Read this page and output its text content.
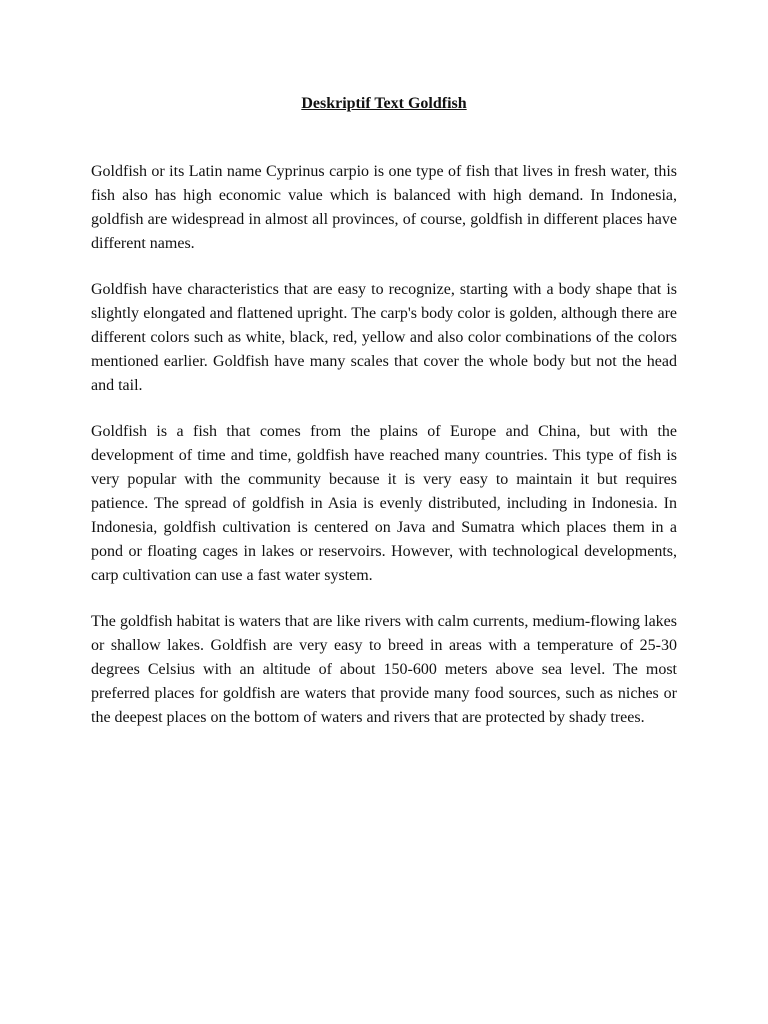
Deskriptif Text Goldfish

Goldfish or its Latin name Cyprinus carpio is one type of fish that lives in fresh water, this fish also has high economic value which is balanced with high demand. In Indonesia, goldfish are widespread in almost all provinces, of course, goldfish in different places have different names.

Goldfish have characteristics that are easy to recognize, starting with a body shape that is slightly elongated and flattened upright. The carp's body color is golden, although there are different colors such as white, black, red, yellow and also color combinations of the colors mentioned earlier. Goldfish have many scales that cover the whole body but not the head and tail.

Goldfish is a fish that comes from the plains of Europe and China, but with the development of time and time, goldfish have reached many countries. This type of fish is very popular with the community because it is very easy to maintain it but requires patience. The spread of goldfish in Asia is evenly distributed, including in Indonesia. In Indonesia, goldfish cultivation is centered on Java and Sumatra which places them in a pond or floating cages in lakes or reservoirs. However, with technological developments, carp cultivation can use a fast water system.

The goldfish habitat is waters that are like rivers with calm currents, medium-flowing lakes or shallow lakes. Goldfish are very easy to breed in areas with a temperature of 25-30 degrees Celsius with an altitude of about 150-600 meters above sea level. The most preferred places for goldfish are waters that provide many food sources, such as niches or the deepest places on the bottom of waters and rivers that are protected by shady trees.
